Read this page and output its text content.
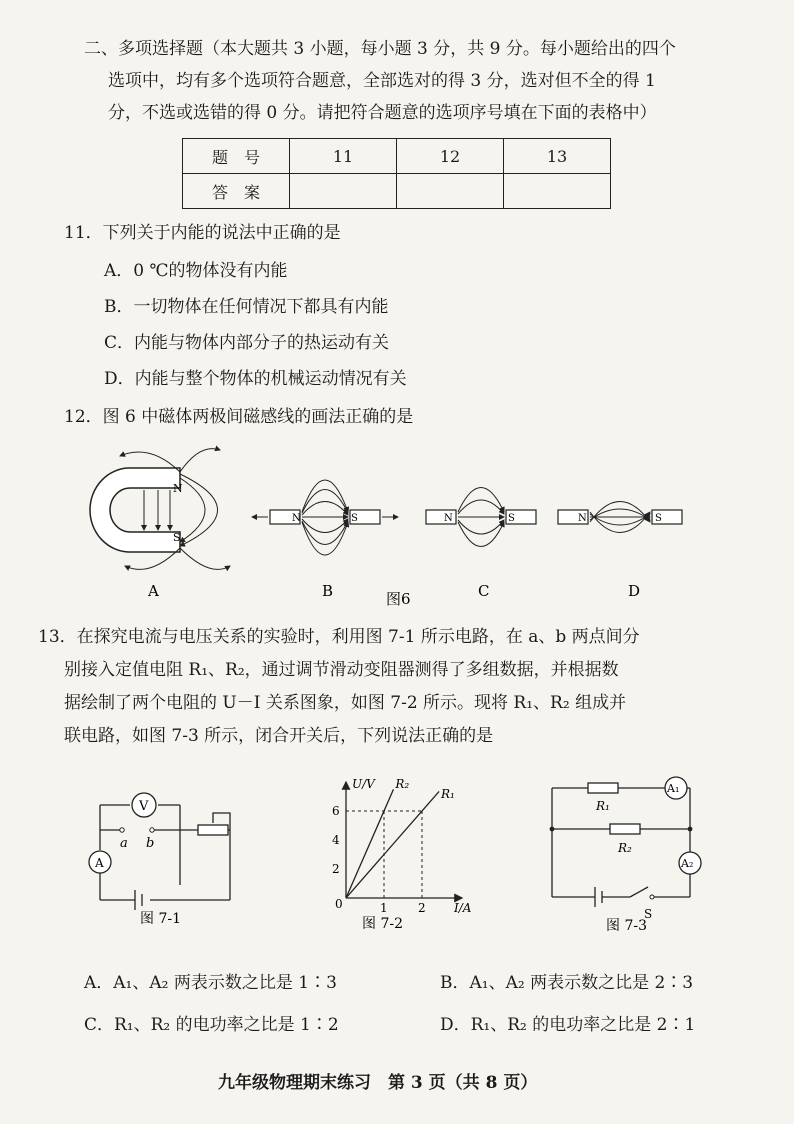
二、多项选择题（本大题共 3 小题，每小题 3 分，共 9 分。每小题给出的四个
选项中，均有多个选项符合题意，全部选对的得 3 分，选对但不全的得 1
分，不选或选错的得 0 分。请把符合题意的选项序号填在下面的表格中）
题　号	11	12	13
答　案			
11．下列关于内能的说法中正确的是
A．0 ℃的物体没有内能
B．一切物体在任何情况下都具有内能
C．内能与物体内部分子的热运动有关
D．内能与整个物体的机械运动情况有关
12．图 6 中磁体两极间磁感线的画法正确的是
N
S
A
N	S
B
N	S
C
N	S
D
图6
13．在探究电流与电压关系的实验时，利用图 7-1 所示电路，在 a、b 两点间分
别接入定值电阻 R₁、R₂，通过调节滑动变阻器测得了多组数据，并根据数
据绘制了两个电阻的 U－I 关系图象，如图 7-2 所示。现将 R₁、R₂ 组成并
联电路，如图 7-3 所示，闭合开关后，下列说法正确的是
V
A
a b
图 7-1
2
4
6
1	2
R₂
R₁
U/V
I/A
0
图 7-2
A₁
A₂
R₁
R₂
S
图 7-3
A．A₁、A₂ 两表示数之比是 1∶3	B．A₁、A₂ 两表示数之比是 2∶3
C．R₁、R₂ 的电功率之比是 1∶2	D．R₁、R₂ 的电功率之比是 2∶1
九年级物理期末练习　第 3 页（共 8 页）
